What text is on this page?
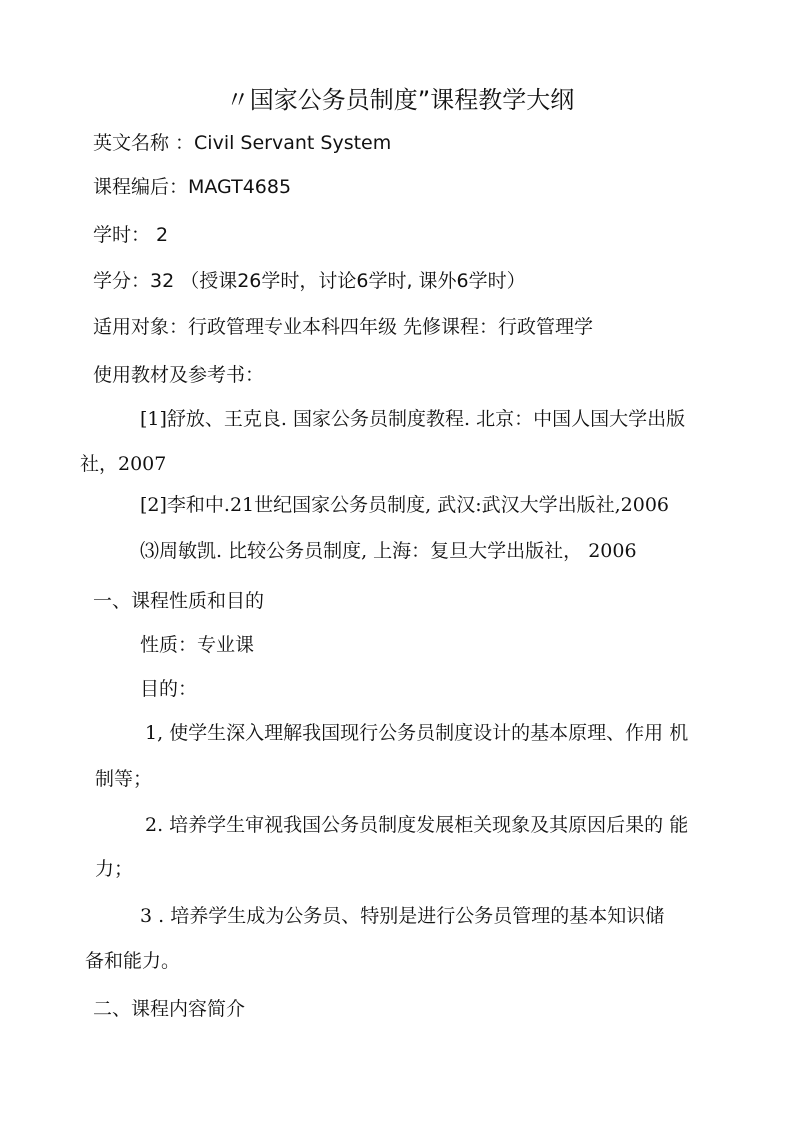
〃国家公务员制度”课程教学大纲
英文名称 ：Civil Servant System
课程编后：MAGT4685
学时： 2
学分：32 （授课26学时，讨论6学时, 课外6学时）
适用对象：行政管理专业本科四年级 先修课程：行政管理学
使用教材及参考书：
[1]舒放、王克良. 国家公务员制度教程. 北京：中国人国大学出版
社，2007
[2]李和中.21世纪国家公务员制度, 武汉:武汉大学出版社,2006
⑶周敏凯. 比较公务员制度, 上海：复旦大学出版社， 2006
一、课程性质和目的
性质：专业课
目的：
1, 使学生深入理解我国现行公务员制度设计的基本原理、作用 机
制等；
2. 培养学生审视我国公务员制度发展柜关现象及其原因后果的 能
力；
3 . 培养学生成为公务员、特别是进行公务员管理的基本知识储
备和能力。
二、课程内容简介
